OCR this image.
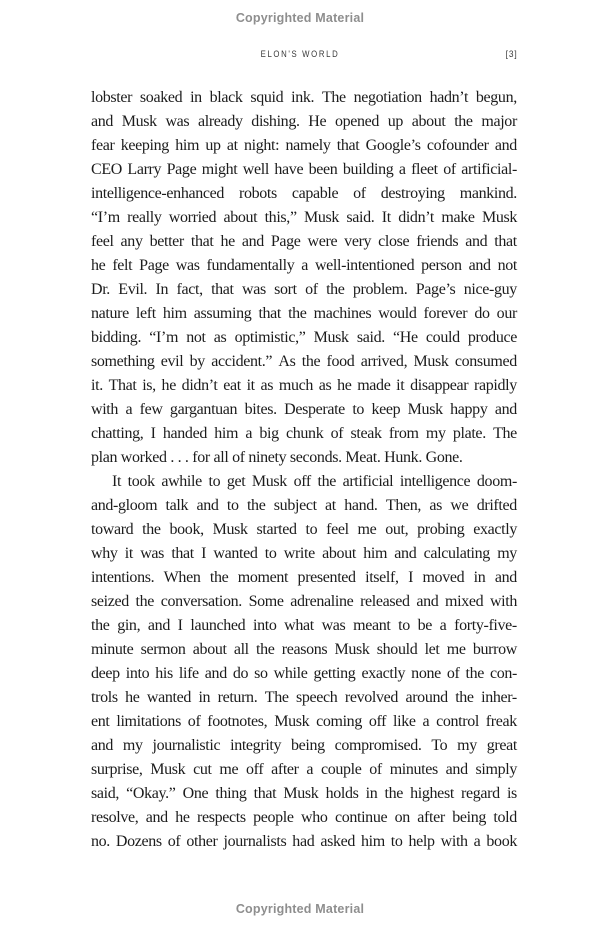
Copyrighted Material
ELON'S WORLD	[3]
lobster soaked in black squid ink. The negotiation hadn’t begun,
and Musk was already dishing. He opened up about the major
fear keeping him up at night: namely that Google’s cofounder and
CEO Larry Page might well have been building a fleet of artificial-
intelligence-enhanced robots capable of destroying mankind.
“I’m really worried about this,” Musk said. It didn’t make Musk
feel any better that he and Page were very close friends and that
he felt Page was fundamentally a well-intentioned person and not
Dr. Evil. In fact, that was sort of the problem. Page’s nice-guy
nature left him assuming that the machines would forever do our
bidding. “I’m not as optimistic,” Musk said. “He could produce
something evil by accident.” As the food arrived, Musk consumed
it. That is, he didn’t eat it as much as he made it disappear rapidly
with a few gargantuan bites. Desperate to keep Musk happy and
chatting, I handed him a big chunk of steak from my plate. The
plan worked . . . for all of ninety seconds. Meat. Hunk. Gone.
It took awhile to get Musk off the artificial intelligence doom-
and-gloom talk and to the subject at hand. Then, as we drifted
toward the book, Musk started to feel me out, probing exactly
why it was that I wanted to write about him and calculating my
intentions. When the moment presented itself, I moved in and
seized the conversation. Some adrenaline released and mixed with
the gin, and I launched into what was meant to be a forty-five-
minute sermon about all the reasons Musk should let me burrow
deep into his life and do so while getting exactly none of the con-
trols he wanted in return. The speech revolved around the inher-
ent limitations of footnotes, Musk coming off like a control freak
and my journalistic integrity being compromised. To my great
surprise, Musk cut me off after a couple of minutes and simply
said, “Okay.” One thing that Musk holds in the highest regard is
resolve, and he respects people who continue on after being told
no. Dozens of other journalists had asked him to help with a book
Copyrighted Material
